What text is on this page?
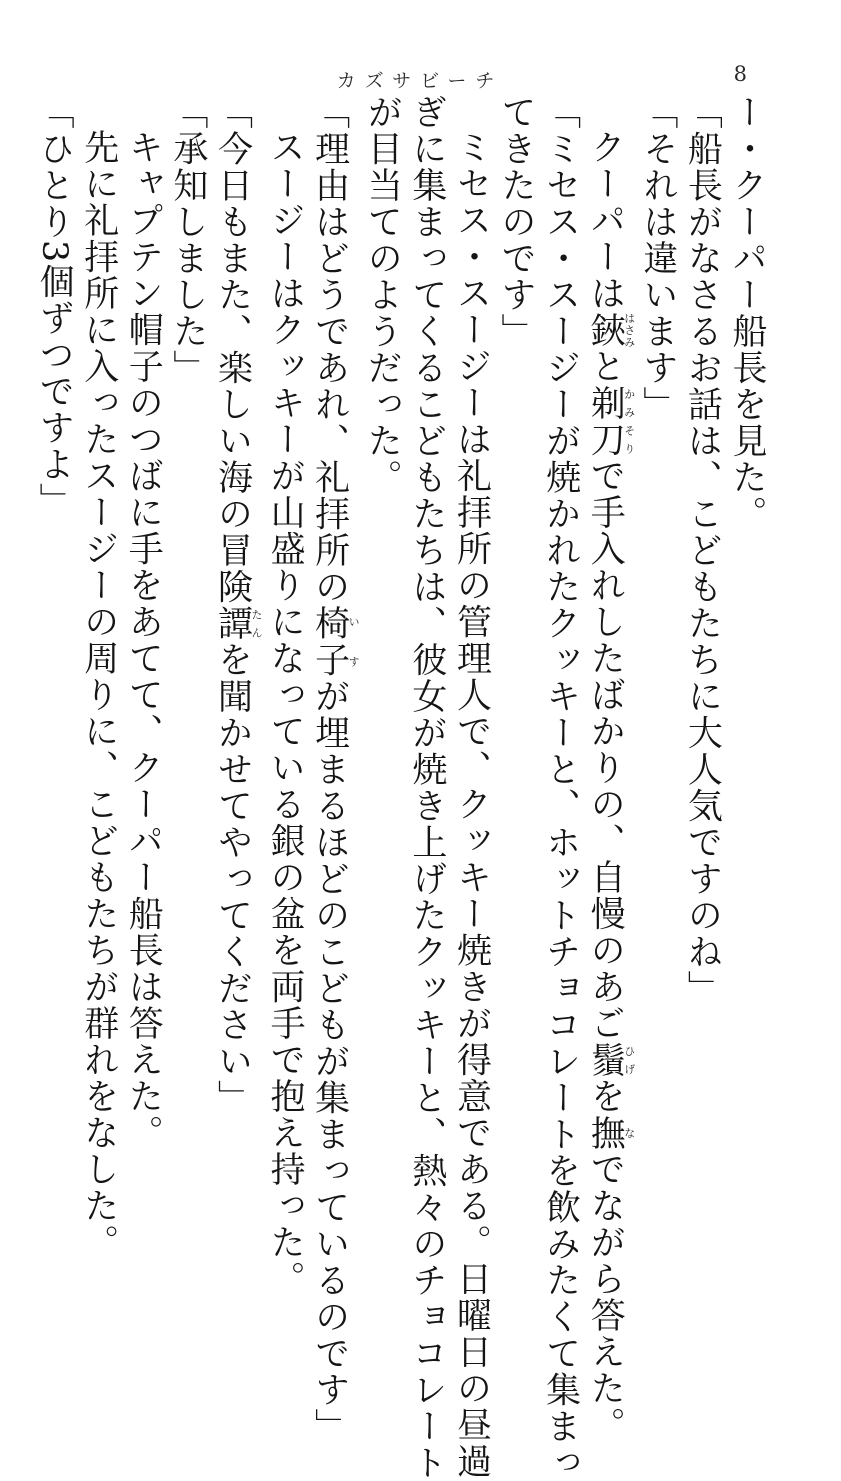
カズサビーチ	8
ー・クーパー船長を見た。
「船長がなさるお話は、こどもたちに大人気ですのね」
「それは違います」
クーパーは鋏はさみと剃刀かみそりで手入れしたばかりの、自慢のあご鬚ひげを撫なでながら答えた。
「ミセス・スージーが焼かれたクッキーと、ホットチョコレートを飲みたくて集まっ
てきたのです」
ミセス・スージーは礼拝所の管理人で、クッキー焼きが得意である。日曜日の昼過
ぎに集まってくるこどもたちは、彼女が焼き上げたクッキーと、熱々のチョコレート
が目当てのようだった。
「理由はどうであれ、礼拝所の椅子いすが埋まるほどのこどもが集まっているのです」
スージーはクッキーが山盛りになっている銀の盆を両手で抱え持った。
「今日もまた、楽しい海の冒険譚たんを聞かせてやってください」
「承知しました」
キャプテン帽子のつばに手をあてて、クーパー船長は答えた。
先に礼拝所に入ったスージーの周りに、こどもたちが群れをなした。
「ひとり3個ずつですよ」
